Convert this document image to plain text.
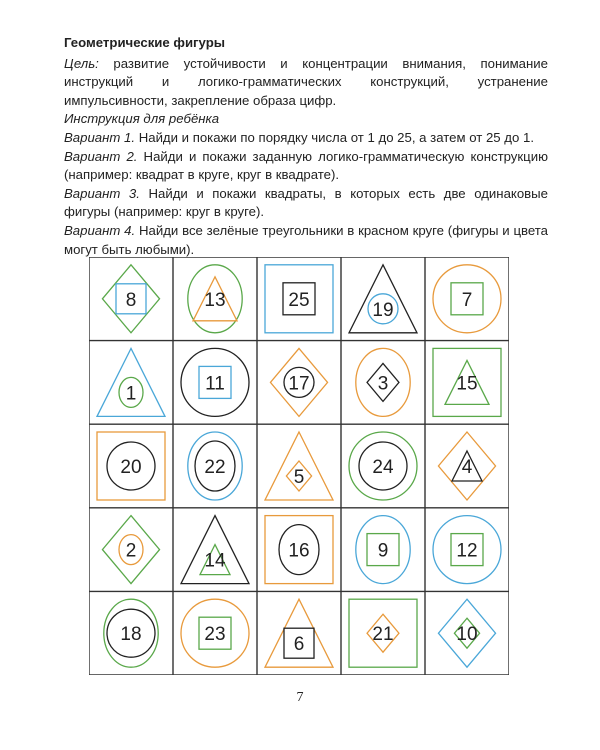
Геометрические фигуры

Цель: развитие устойчивости и концентрации внимания, понимание инструкций и логико-грамматических конструкций, устранение импульсивности, закрепление образа цифр.

Инструкция для ребёнка

Вариант 1. Найди и покажи по порядку числа от 1 до 25, а затем от 25 до 1.

Вариант 2. Найди и покажи заданную логико-грамматическую конструкцию (например: квадрат в круге, круг в квадрате).

Вариант 3. Найди и покажи квадраты, в которых есть две одинаковые фигуры (например: круг в круге).

Вариант 4. Найди все зелёные треугольники в красном круге (фигуры и цвета могут быть любыми).

8	13	25	19	7
1	11	17	3	15
20	22	5	24	4
2	14	16	9	12
18	23	6	21	10
7
